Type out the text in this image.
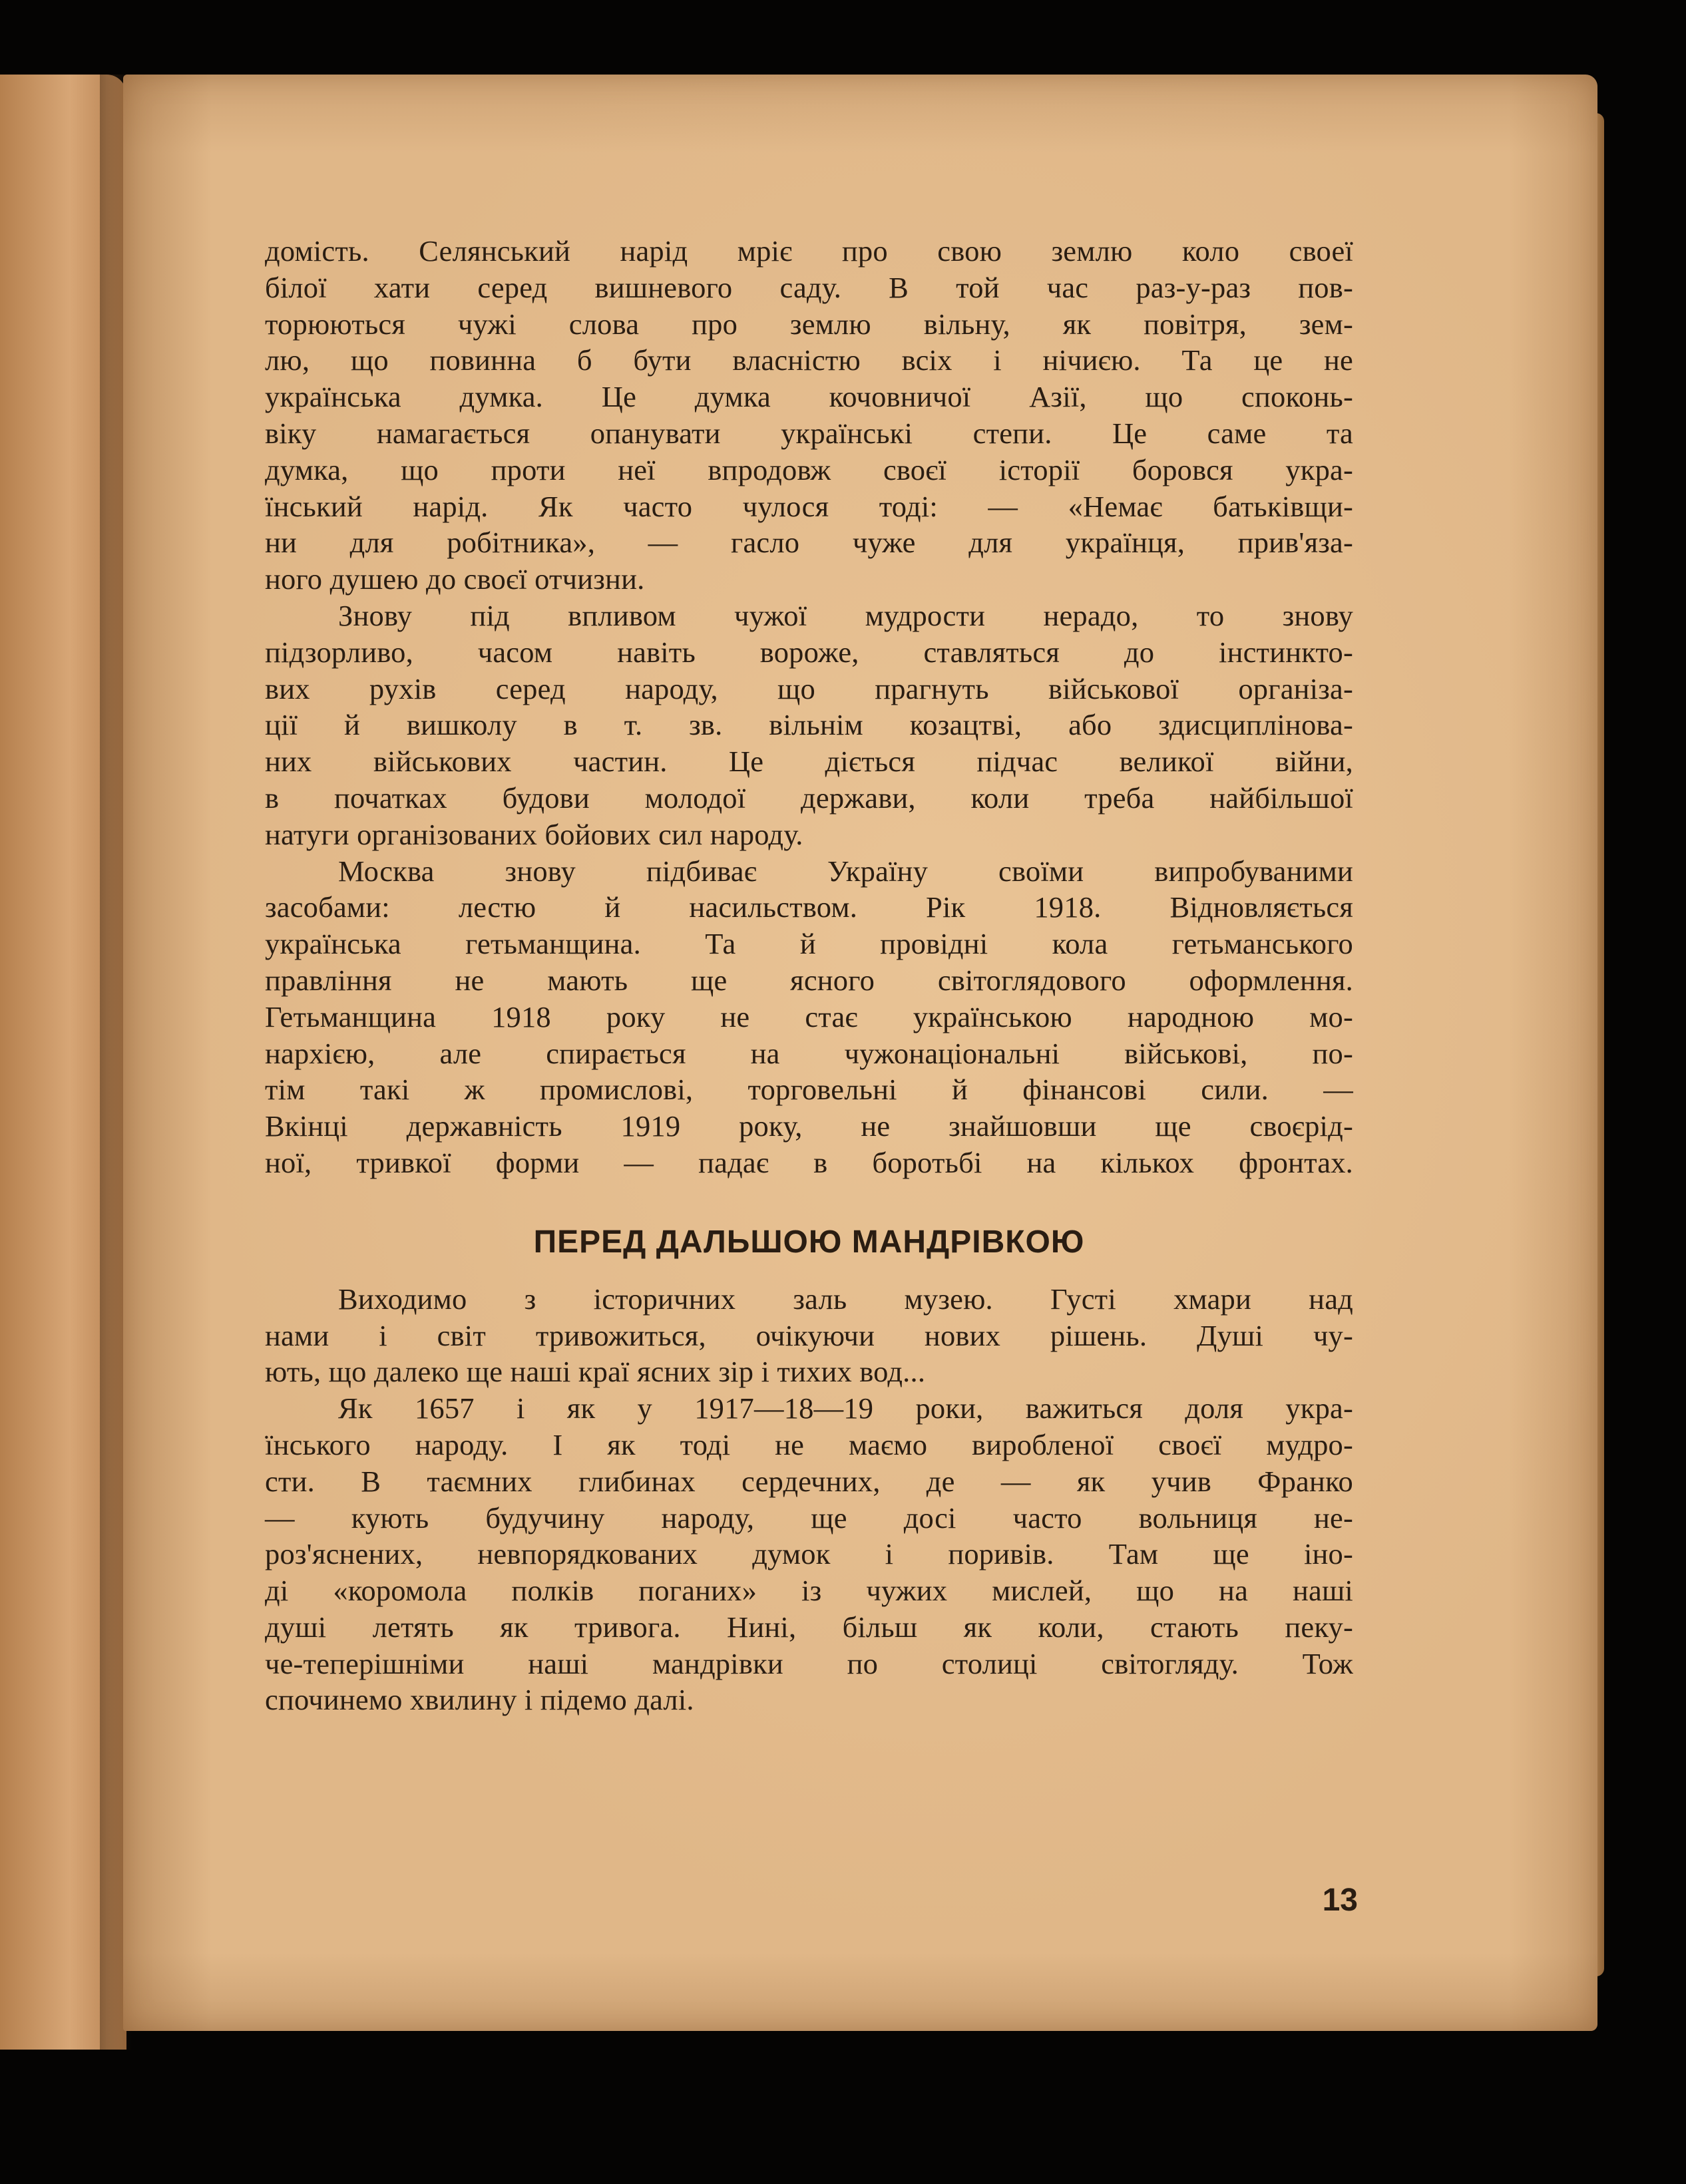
домість. Селянський нарід мріє про свою землю коло своеї
білої хати серед вишневого саду. В той час раз-у-раз пов-
торюються чужі слова про землю вільну, як повітря, зем-
лю, що повинна б бути власністю всіх і нічиєю. Та це не
українська думка. Це думка кочовничої Азії, що споконь-
віку намагається опанувати українські степи. Це саме та
думка, що проти неї впродовж своєї історії боровся укра-
їнський нарід. Як часто чулося тоді: — «Немає батьківщи-
ни для робітника», — гасло чуже для українця, прив'яза-
ного душею до своєї отчизни.
Знову під впливом чужої мудрости нерадо, то знову
підзорливо, часом навіть вороже, ставляться до інстинкто-
вих рухів серед народу, що прагнуть військової організа-
ції й вишколу в т. зв. вільнім козацтві, або здисциплінова-
них військових частин. Це діється підчас великої війни,
в початках будови молодої держави, коли треба найбільшої
натуги організованих бойових сил народу.
Москва знову підбиває Україну своїми випробуваними
засобами: лестю й насильством. Рік 1918. Відновляється
українська гетьманщина. Та й провідні кола гетьманського
правління не мають ще ясного світоглядового оформлення.
Гетьманщина 1918 року не стає українською народною мо-
нархією, але спирається на чужонаціональні військові, по-
тім такі ж промислові, торговельні й фінансові сили. —
Вкінці державність 1919 року, не знайшовши ще своєрід-
ної, тривкої форми — падає в боротьбі на кількох фронтах.
ПЕРЕД ДАЛЬШОЮ МАНДРІВКОЮ
Виходимо з історичних заль музею. Густі хмари над
нами і світ тривожиться, очікуючи нових рішень. Душі чу-
ють, що далеко ще наші краї ясних зір і тихих вод...
Як 1657 і як у 1917—18—19 роки, важиться доля укра-
їнського народу. І як тоді не маємо виробленої своєї мудро-
сти. В таємних глибинах сердечних, де — як учив Франко
— кують будучину народу, ще досі часто вольниця не-
роз'яснених, невпорядкованих думок і поривів. Там ще іно-
ді «коромола полків поганих» із чужих мислей, що на наші
душі летять як тривога. Нині, більш як коли, стають пеку-
че-теперішніми наші мандрівки по столиці світогляду. Тож
спочинемо хвилину і підемо далі.
13
